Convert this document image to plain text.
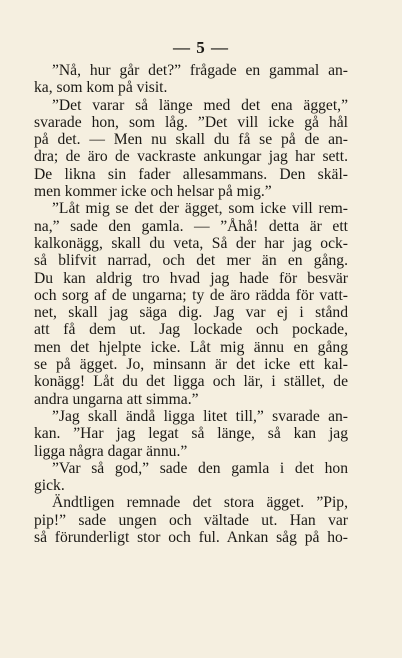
— 5 —
”Nå, hur går det?” frågade en gammal an-
ka, som kom på visit.
”Det varar så länge med det ena ägget,”
svarade hon, som låg. ”Det vill icke gå hål
på det. — Men nu skall du få se på de an-
dra; de äro de vackraste ankungar jag har sett.
De likna sin fader allesammans. Den skäl-
men kommer icke och helsar på mig.”
”Låt mig se det der ägget, som icke vill rem-
na,” sade den gamla. — ”Åhå! detta är ett
kalkonägg, skall du veta, Så der har jag ock-
så blifvit narrad, och det mer än en gång.
Du kan aldrig tro hvad jag hade för besvär
och sorg af de ungarna; ty de äro rädda för vatt-
net, skall jag säga dig. Jag var ej i stånd
att få dem ut. Jag lockade och pockade,
men det hjelpte icke. Låt mig ännu en gång
se på ägget. Jo, minsann är det icke ett kal-
konägg! Låt du det ligga och lär, i stället, de
andra ungarna att simma.”
”Jag skall ändå ligga litet till,” svarade an-
kan. ”Har jag legat så länge, så kan jag
ligga några dagar ännu.”
”Var så god,” sade den gamla i det hon
gick.
Ändtligen remnade det stora ägget. ”Pip,
pip!” sade ungen och vältade ut. Han var
så förunderligt stor och ful. Ankan såg på ho-
